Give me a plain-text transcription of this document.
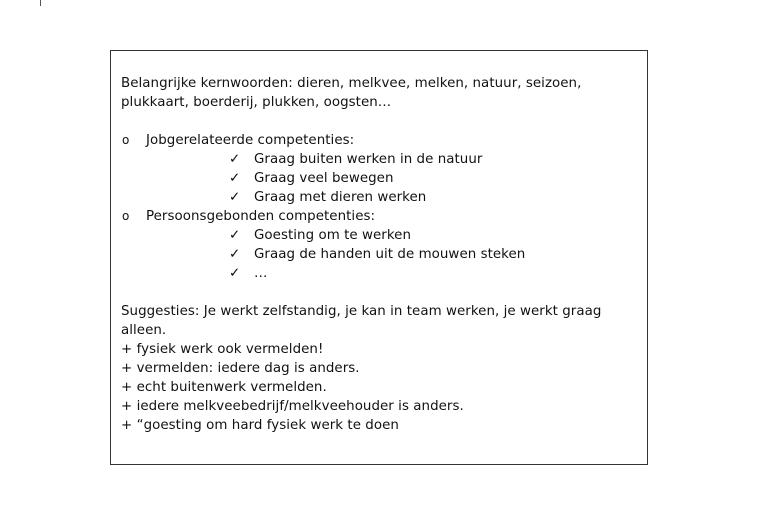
Belangrijke kernwoorden: dieren, melkvee, melken, natuur, seizoen, plukkaart, boerderij, plukken, oogsten…

o Jobgerelateerde competenties:
✓ Graag buiten werken in de natuur
✓ Graag veel bewegen
✓ Graag met dieren werken
o Persoonsgebonden competenties:
✓ Goesting om te werken
✓ Graag de handen uit de mouwen steken
✓ …

Suggesties: Je werkt zelfstandig, je kan in team werken, je werkt graag alleen.

+ fysiek werk ook vermelden!
+ vermelden: iedere dag is anders.
+ echt buitenwerk vermelden.
+ iedere melkveebedrijf/melkveehouder is anders.
+ “goesting om hard fysiek werk te doen
